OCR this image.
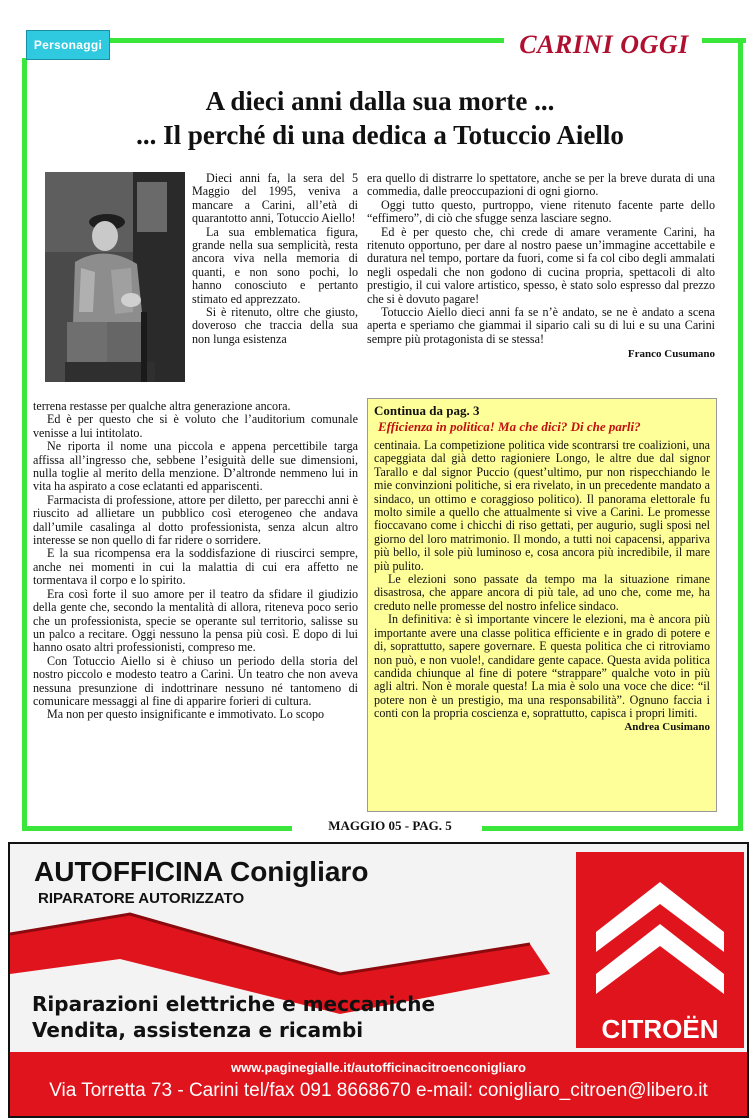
Personaggi	CARINI OGGI
A dieci anni dalla sua morte ...
... Il perché di una dedica a Totuccio Aiello

Dieci anni fa, la sera del 5 Maggio del 1995, veniva a mancare a Carini, all’età di quarantotto anni, Totuccio Aiello!

La sua emblematica figura, grande nella sua semplicità, resta ancora viva nella memoria di quanti, e non sono pochi, lo hanno conosciuto e pertanto stimato ed apprezzato.

Si è ritenuto, oltre che giusto, doveroso che traccia della sua non lunga esistenza

terrena restasse per qualche altra generazione ancora.

Ed è per questo che si è voluto che l’auditorium comunale venisse a lui intitolato.

Ne riporta il nome una piccola e appena percettibile targa affissa all’ingresso che, sebbene l’esiguità delle sue dimensioni, nulla toglie al merito della menzione. D’altronde nemmeno lui in vita ha aspirato a cose eclatanti ed appariscenti.

Farmacista di professione, attore per diletto, per parecchi anni è riuscito ad allietare un pubblico così eterogeneo che andava dall’umile casalinga al dotto professionista, senza alcun altro interesse se non quello di far ridere o sorridere.

E la sua ricompensa era la soddisfazione di riuscirci sempre, anche nei momenti in cui la malattia di cui era affetto ne tormentava il corpo e lo spirito.

Era così forte il suo amore per il teatro da sfidare il giudizio della gente che, secondo la mentalità di allora, riteneva poco serio che un professionista, specie se operante sul territorio, salisse su un palco a recitare. Oggi nessuno la pensa più così. E dopo di lui hanno osato altri professionisti, compreso me.

Con Totuccio Aiello si è chiuso un periodo della storia del nostro piccolo e modesto teatro a Carini. Un teatro che non aveva nessuna presunzione di indottrinare nessuno né tantomeno di comunicare messaggi al fine di apparire forieri di cultura.

Ma non per questo insignificante e immotivato. Lo scopo

era quello di distrarre lo spettatore, anche se per la breve durata di una commedia, dalle preoccupazioni di ogni giorno.

Oggi tutto questo, purtroppo, viene ritenuto facente parte dello “effimero”, di ciò che sfugge senza lasciare segno.

Ed è per questo che, chi crede di amare veramente Carini, ha ritenuto opportuno, per dare al nostro paese un’immagine accettabile e duratura nel tempo, portare da fuori, come si fa col cibo degli ammalati negli ospedali che non godono di cucina propria, spettacoli di alto prestigio, il cui valore artistico, spesso, è stato solo espresso dal prezzo che si è dovuto pagare!

Totuccio Aiello dieci anni fa se n’è andato, se ne è andato a scena aperta e speriamo che giammai il sipario cali su di lui e su una Carini sempre più protagonista di se stessa!

Franco Cusumano
Continua da pag. 3
Efficienza in politica! Ma che dici? Di che parli?

centinaia. La competizione politica vide scontrarsi tre coalizioni, una capeggiata dal già detto ragioniere Longo, le altre due dal signor Tarallo e dal signor Puccio (quest’ultimo, pur non rispecchiando le mie convinzioni politiche, si era rivelato, in un precedente mandato a sindaco, un ottimo e coraggioso politico). Il panorama elettorale fu molto simile a quello che attualmente si vive a Carini. Le promesse fioccavano come i chicchi di riso gettati, per augurio, sugli sposi nel giorno del loro matrimonio. Il mondo, a tutti noi capacensi, appariva più bello, il sole più luminoso e, cosa ancora più incredibile, il mare più pulito.

Le elezioni sono passate da tempo ma la situazione rimane disastrosa, che appare ancora di più tale, ad uno che, come me, ha creduto nelle promesse del nostro infelice sindaco.

In definitiva: è sì importante vincere le elezioni, ma è ancora più importante avere una classe politica efficiente e in grado di potere e di, soprattutto, sapere governare. E questa politica che ci ritroviamo non può, e non vuole!, candidare gente capace. Questa avida politica candida chiunque al fine di potere “strappare” qualche voto in più agli altri. Non è morale questa! La mia è solo una voce che dice: “il potere non è un prestigio, ma una responsabilità”. Ognuno faccia i conti con la propria coscienza e, soprattutto, capisca i propri limiti.

Andrea Cusimano
MAGGIO 05 - PAG. 5
AUTOFFICINA Conigliaro
RIPARATORE AUTORIZZATO
Riparazioni elettriche e meccaniche
Vendita, assistenza e ricambi	CITROËN
www.paginegialle.it/autofficinacitroenconigliaro
Via Torretta 73 - Carini tel/fax 091 8668670 e-mail: conigliaro_citroen@libero.it
